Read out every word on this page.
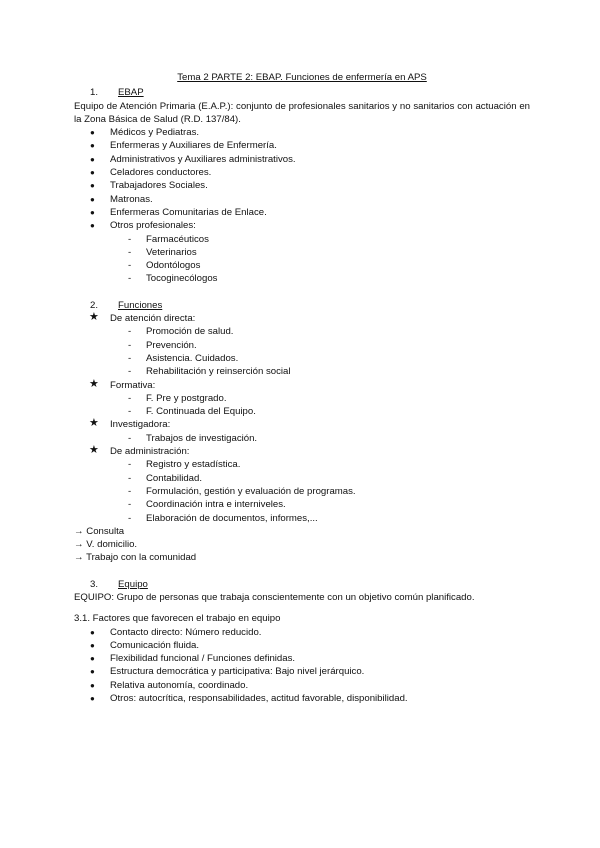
Tema 2 PARTE 2: EBAP. Funciones de enfermería en APS
1. EBAP
Equipo de Atención Primaria (E.A.P.): conjunto de profesionales sanitarios y no sanitarios con actuación en la Zona Básica de Salud (R.D. 137/84).
● Médicos y Pediatras.
● Enfermeras y Auxiliares de Enfermería.
● Administrativos y Auxiliares administrativos.
● Celadores conductores.
● Trabajadores Sociales.
● Matronas.
● Enfermeras Comunitarias de Enlace.
● Otros profesionales:
- Farmacéuticos
- Veterinarios
- Odontólogos
- Tocoginecólogos
2. Funciones
★ De atención directa:
- Promoción de salud.
- Prevención.
- Asistencia. Cuidados.
- Rehabilitación y reinserción social
★ Formativa:
- F. Pre y postgrado.
- F. Continuada del Equipo.
★ Investigadora:
- Trabajos de investigación.
★ De administración:
- Registro y estadística.
- Contabilidad.
- Formulación, gestión y evaluación de programas.
- Coordinación intra e interniveles.
- Elaboración de documentos, informes,...
→ Consulta
→ V. domicilio.
→ Trabajo con la comunidad
3. Equipo
EQUIPO: Grupo de personas que trabaja conscientemente con un objetivo común planificado.
3.1. Factores que favorecen el trabajo en equipo
● Contacto directo: Número reducido.
● Comunicación fluida.
● Flexibilidad funcional / Funciones definidas.
● Estructura democrática y participativa: Bajo nivel jerárquico.
● Relativa autonomía, coordinado.
● Otros: autocrítica, responsabilidades, actitud favorable, disponibilidad.
